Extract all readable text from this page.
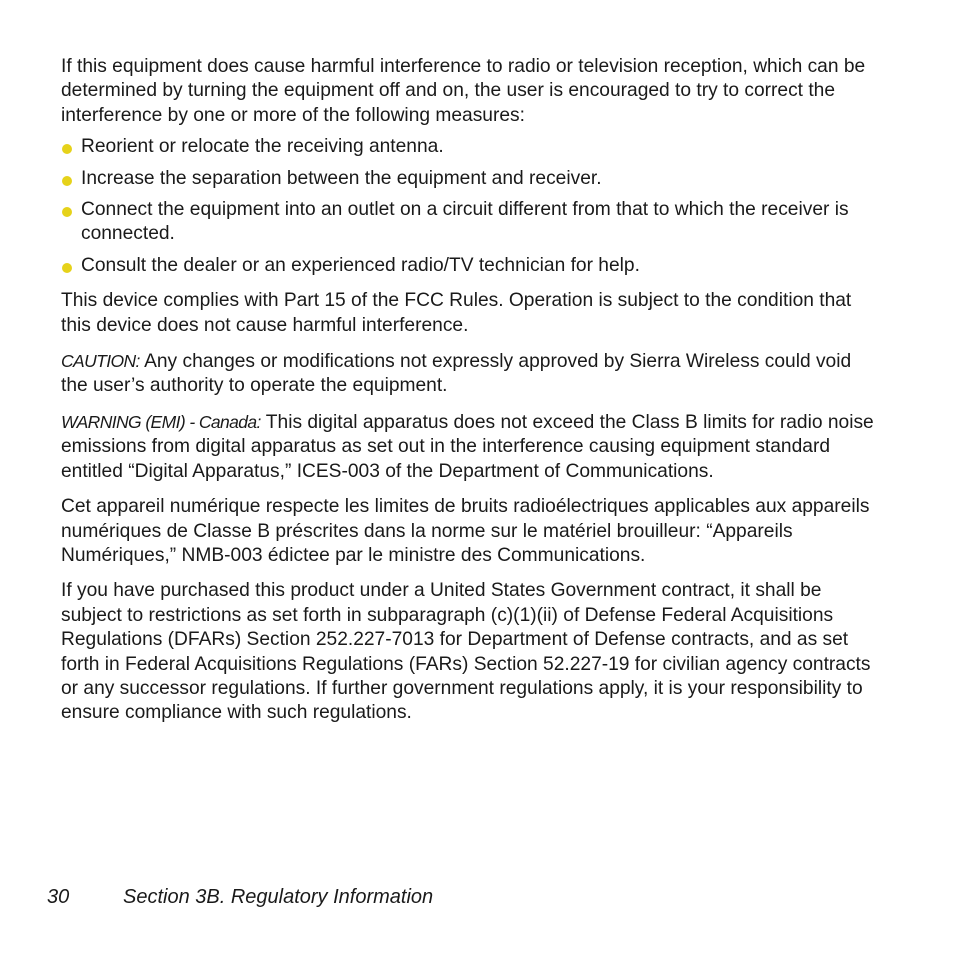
If this equipment does cause harmful interference to radio or television reception, which can be determined by turning the equipment off and on, the user is encouraged to try to correct the interference by one or more of the following measures:

Reorient or relocate the receiving antenna.
Increase the separation between the equipment and receiver.
Connect the equipment into an outlet on a circuit different from that to which the receiver is connected.
Consult the dealer or an experienced radio/TV technician for help.

This device complies with Part 15 of the FCC Rules. Operation is subject to the condition that this device does not cause harmful interference.

CAUTION: Any changes or modifications not expressly approved by Sierra Wireless could void the user’s authority to operate the equipment.

WARNING (EMI) - Canada: This digital apparatus does not exceed the Class B limits for radio noise emissions from digital apparatus as set out in the interference causing equipment standard entitled “Digital Apparatus,” ICES-003 of the Department of Communications.

Cet appareil numérique respecte les limites de bruits radioélectriques applicables aux appareils numériques de Classe B préscrites dans la norme sur le matériel brouilleur: “Appareils Numériques,” NMB-003 édictee par le ministre des Communications.

If you have purchased this product under a United States Government contract, it shall be subject to restrictions as set forth in subparagraph (c)(1)(ii) of Defense Federal Acquisitions Regulations (DFARs) Section 252.227-7013 for Department of Defense contracts, and as set forth in Federal Acquisitions Regulations (FARs) Section 52.227-19 for civilian agency contracts or any successor regulations. If further government regulations apply, it is your responsibility to ensure compliance with such regulations.

30	Section 3B. Regulatory Information
